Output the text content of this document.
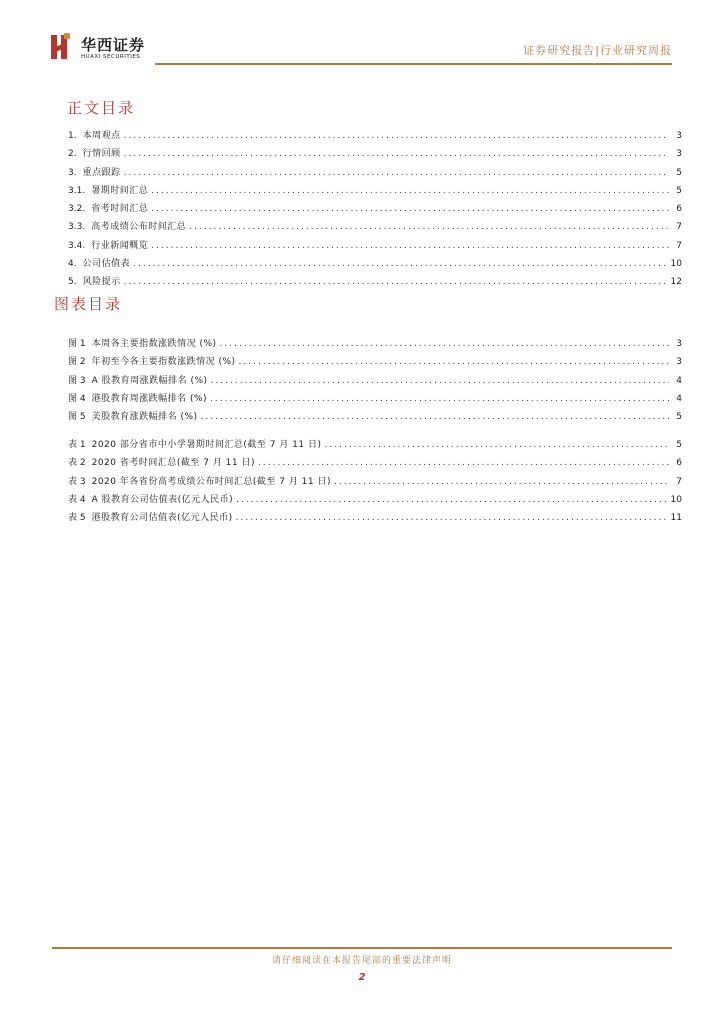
华西证券
HUAXI SECURITIES	证券研究报告|行业研究周报
正文目录
1. 本周观点 .....	3
2. 行情回顾 .....	3
3. 重点跟踪 .....	5
3.1. 暑期时间汇总 .....	5
3.2. 省考时间汇总 .....	6
3.3. 高考成绩公布时间汇总 .....	7
3.4. 行业新闻概览 .....	7
4. 公司估值表 .....	10
5. 风险提示 .....	12
图表目录
图 1 本周各主要指数涨跌情况 (%) .....	3
图 2 年初至今各主要指数涨跌情况 (%) .....	3
图 3 A 股教育周涨跌幅排名 (%) .....	4
图 4 港股教育周涨跌幅排名 (%) .....	4
图 5 美股教育涨跌幅排名 (%) .....	5
表 1 2020 部分省市中小学暑期时间汇总(截至 7 月 11 日) .....	5
表 2 2020 省考时间汇总(截至 7 月 11 日) .....	6
表 3 2020 年各省份高考成绩公布时间汇总(截至 7 月 11 日) .....	7
表 4 A 股教育公司估值表(亿元人民币) .....	10
表 5 港股教育公司估值表(亿元人民币) .....	11
请仔细阅读在本报告尾部的重要法律声明
2
